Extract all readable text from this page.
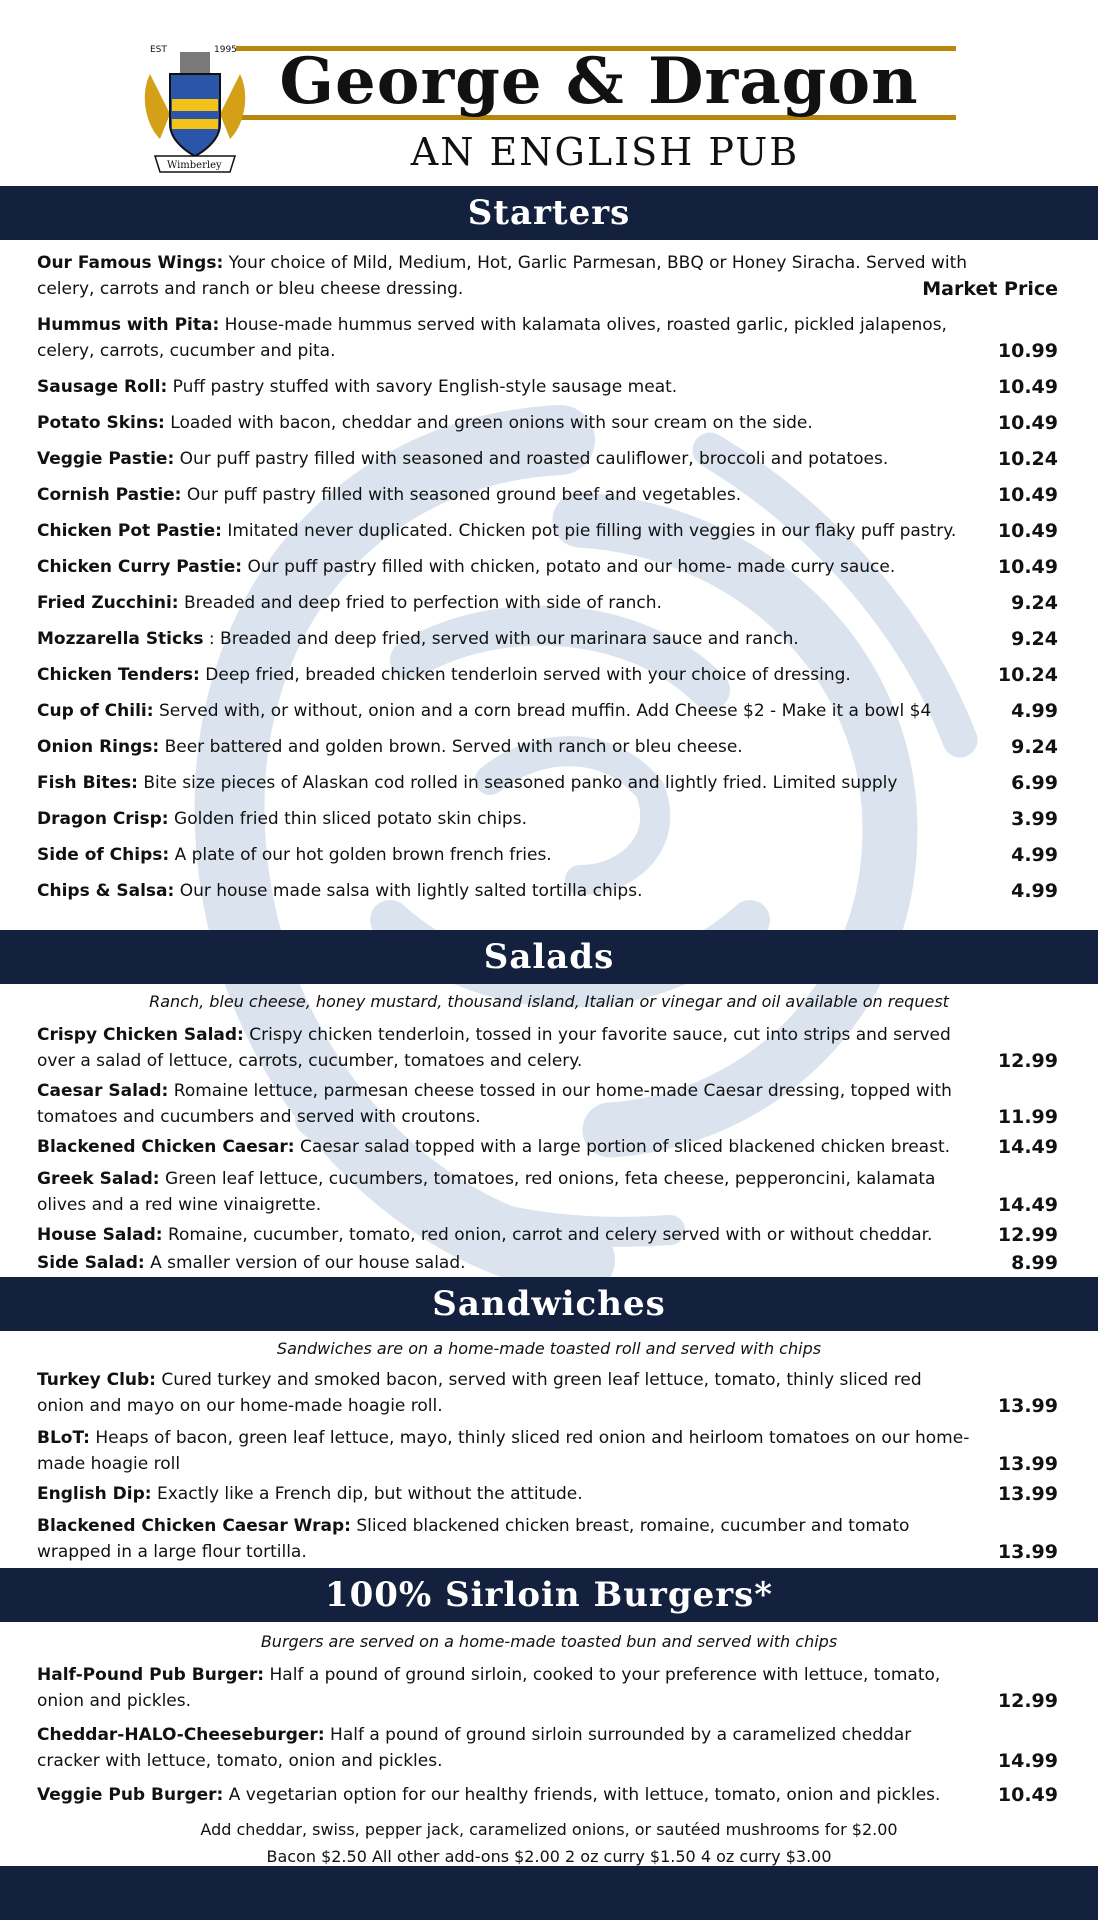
EST	1995
Wimberley
George & Dragon
AN ENGLISH PUB
Starters
Our Famous Wings: Your choice of Mild, Medium, Hot, Garlic Parmesan, BBQ or Honey Siracha. Served with celery, carrots and ranch or bleu cheese dressing.	Market Price
Hummus with Pita: House-made hummus served with kalamata olives, roasted garlic, pickled jalapenos, celery, carrots, cucumber and pita.	10.99
Sausage Roll: Puff pastry stuffed with savory English-style sausage meat.	10.49
Potato Skins: Loaded with bacon, cheddar and green onions with sour cream on the side.	10.49
Veggie Pastie: Our puff pastry filled with seasoned and roasted cauliflower, broccoli and potatoes.	10.24
Cornish Pastie: Our puff pastry filled with seasoned ground beef and vegetables.	10.49
Chicken Pot Pastie: Imitated never duplicated. Chicken pot pie filling with veggies in our flaky puff pastry.	10.49
Chicken Curry Pastie: Our puff pastry filled with chicken, potato and our home- made curry sauce.	10.49
Fried Zucchini: Breaded and deep fried to perfection with side of ranch.	9.24
Mozzarella Sticks : Breaded and deep fried, served with our marinara sauce and ranch.	9.24
Chicken Tenders: Deep fried, breaded chicken tenderloin served with your choice of dressing.	10.24
Cup of Chili: Served with, or without, onion and a corn bread muffin. Add Cheese $2 - Make it a bowl $4	4.99
Onion Rings: Beer battered and golden brown. Served with ranch or bleu cheese.	9.24
Fish Bites: Bite size pieces of Alaskan cod rolled in seasoned panko and lightly fried. Limited supply	6.99
Dragon Crisp: Golden fried thin sliced potato skin chips.	3.99
Side of Chips: A plate of our hot golden brown french fries.	4.99
Chips & Salsa: Our house made salsa with lightly salted tortilla chips.	4.99
Salads
Ranch, bleu cheese, honey mustard, thousand island, Italian or vinegar and oil available on request
Crispy Chicken Salad: Crispy chicken tenderloin, tossed in your favorite sauce, cut into strips and served over a salad of lettuce, carrots, cucumber, tomatoes and celery.	12.99
Caesar Salad: Romaine lettuce, parmesan cheese tossed in our home-made Caesar dressing, topped with tomatoes and cucumbers and served with croutons.	11.99
Blackened Chicken Caesar: Caesar salad topped with a large portion of sliced blackened chicken breast.	14.49
Greek Salad: Green leaf lettuce, cucumbers, tomatoes, red onions, feta cheese, pepperoncini, kalamata olives and a red wine vinaigrette.	14.49
House Salad: Romaine, cucumber, tomato, red onion, carrot and celery served with or without cheddar.	12.99
Side Salad: A smaller version of our house salad.	8.99
Sandwiches
Sandwiches are on a home-made toasted roll and served with chips
Turkey Club: Cured turkey and smoked bacon, served with green leaf lettuce, tomato, thinly sliced red onion and mayo on our home-made hoagie roll.	13.99
BLoT: Heaps of bacon, green leaf lettuce, mayo, thinly sliced red onion and heirloom tomatoes on our home-made hoagie roll	13.99
English Dip: Exactly like a French dip, but without the attitude.	13.99
Blackened Chicken Caesar Wrap: Sliced blackened chicken breast, romaine, cucumber and tomato wrapped in a large flour tortilla.	13.99
100% Sirloin Burgers*
Burgers are served on a home-made toasted bun and served with chips
Half-Pound Pub Burger: Half a pound of ground sirloin, cooked to your preference with lettuce, tomato, onion and pickles.	12.99
Cheddar-HALO-Cheeseburger: Half a pound of ground sirloin surrounded by a caramelized cheddar cracker with lettuce, tomato, onion and pickles.	14.99
Veggie Pub Burger: A vegetarian option for our healthy friends, with lettuce, tomato, onion and pickles.	10.49
Add cheddar, swiss, pepper jack, caramelized onions, or sautéed mushrooms for $2.00
Bacon $2.50 All other add-ons $2.00 2 oz curry $1.50 4 oz curry $3.00
